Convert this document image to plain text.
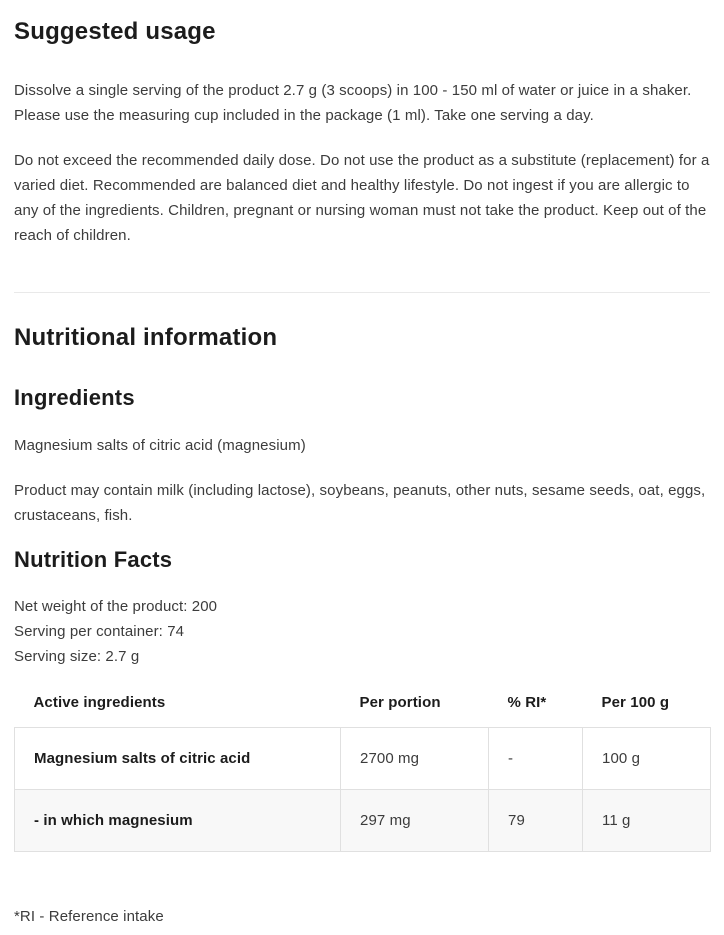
Suggested usage

Dissolve a single serving of the product 2.7 g (3 scoops) in 100 - 150 ml of water or juice in a shaker. Please use the measuring cup included in the package (1 ml). Take one serving a day.

Do not exceed the recommended daily dose. Do not use the product as a substitute (replacement) for a varied diet. Recommended are balanced diet and healthy lifestyle. Do not ingest if you are allergic to any of the ingredients. Children, pregnant or nursing woman must not take the product. Keep out of the reach of children.

Nutritional information
Ingredients

Magnesium salts of citric acid (magnesium)

Product may contain milk (including lactose), soybeans, peanuts, other nuts, sesame seeds, oat, eggs, crustaceans, fish.

Nutrition Facts
Net weight of the product: 200
Serving per container: 74
Serving size: 2.7 g
Active ingredients	Per portion	% RI*	Per 100 g
Magnesium salts of citric acid	2700 mg	-	100 g
- in which magnesium	297 mg	79	11 g

*RI - Reference intake
